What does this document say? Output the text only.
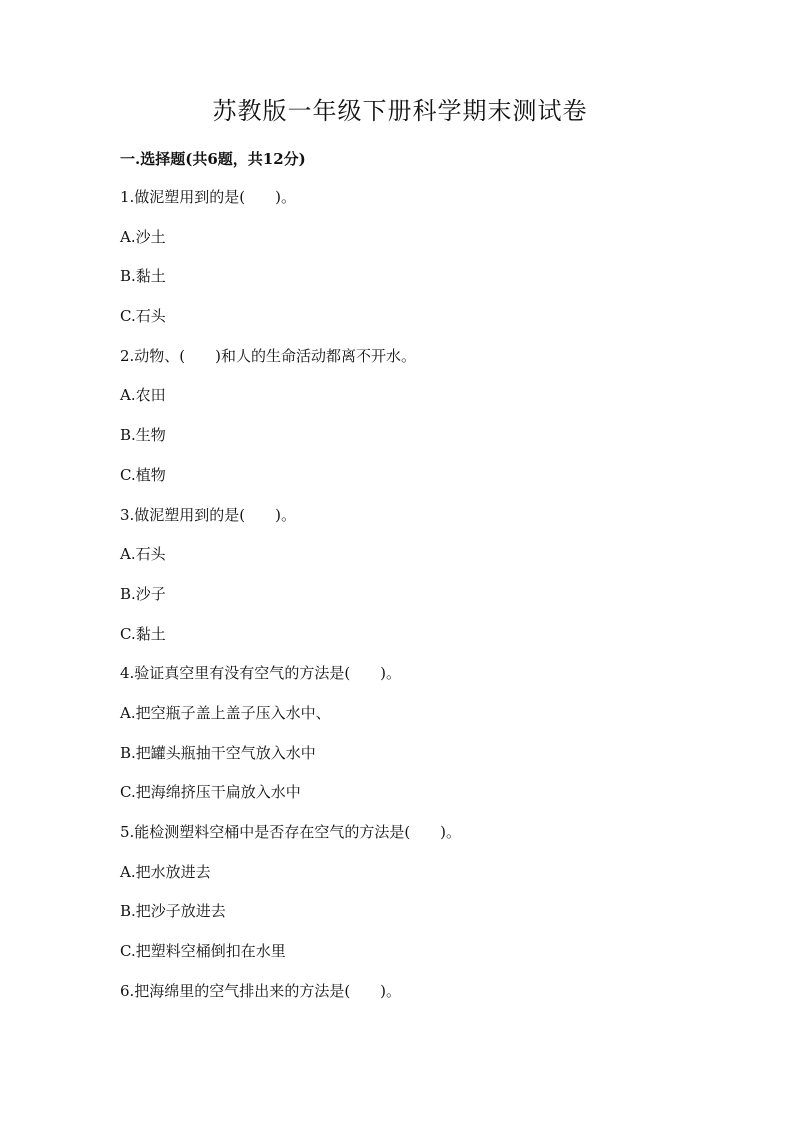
苏教版一年级下册科学期末测试卷
一.选择题(共6题，共12分)
1.做泥塑用到的是(　　)。
A.沙土
B.黏土
C.石头
2.动物、(　　)和人的生命活动都离不开水。
A.农田
B.生物
C.植物
3.做泥塑用到的是(　　)。
A.石头
B.沙子
C.黏土
4.验证真空里有没有空气的方法是(　　)。
A.把空瓶子盖上盖子压入水中、
B.把罐头瓶抽干空气放入水中
C.把海绵挤压干扁放入水中
5.能检测塑料空桶中是否存在空气的方法是(　　)。
A.把水放进去
B.把沙子放进去
C.把塑料空桶倒扣在水里
6.把海绵里的空气排出来的方法是(　　)。
